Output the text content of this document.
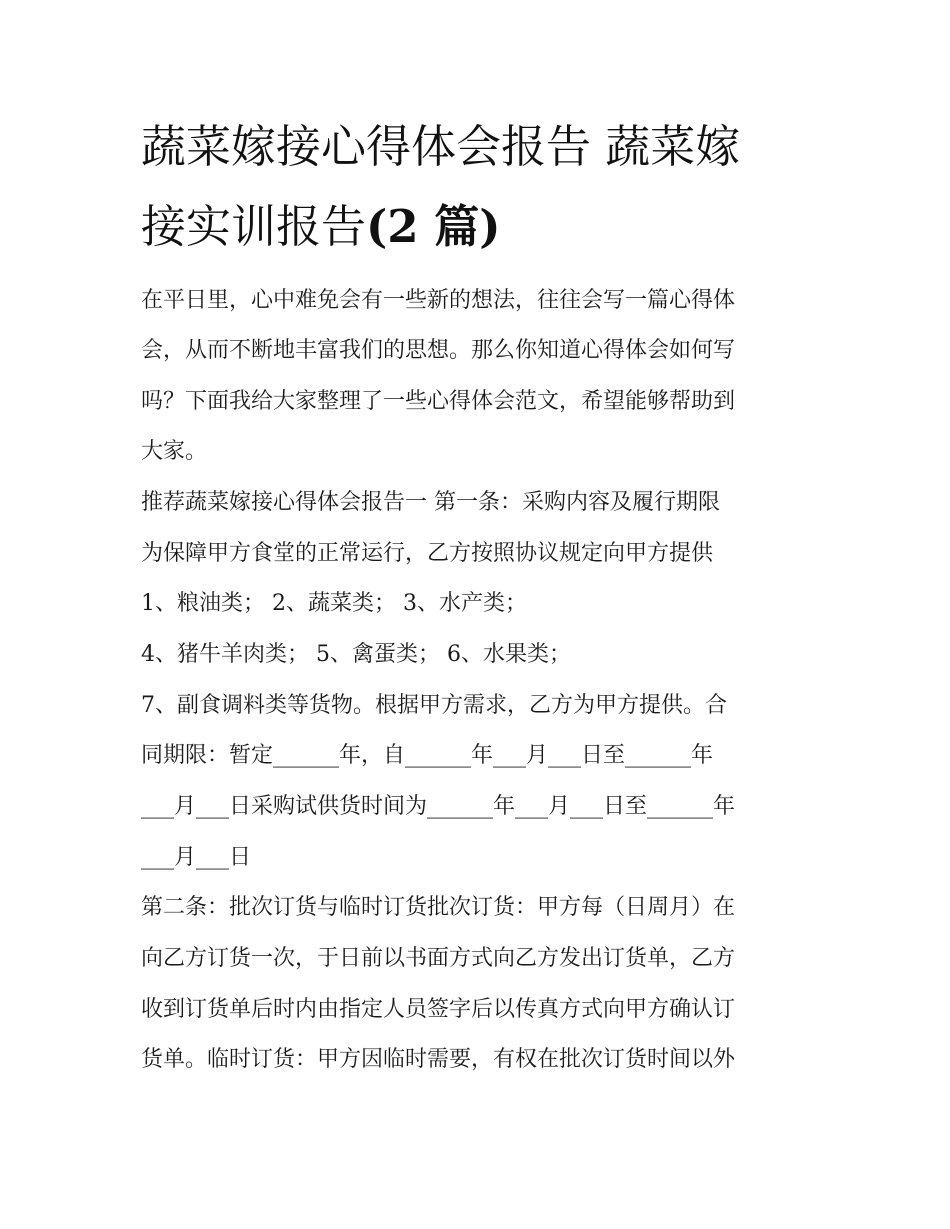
蔬菜嫁接心得体会报告 蔬菜嫁
接实训报告(2 篇)
在平日里，心中难免会有一些新的想法，往往会写一篇心得体
会，从而不断地丰富我们的思想。那么你知道心得体会如何写
吗？下面我给大家整理了一些心得体会范文，希望能够帮助到
大家。
推荐蔬菜嫁接心得体会报告一 第一条：采购内容及履行期限
为保障甲方食堂的正常运行，乙方按照协议规定向甲方提供
1、粮油类； 2、蔬菜类； 3、水产类；
4、猪牛羊肉类； 5、禽蛋类； 6、水果类；
7、副食调料类等货物。根据甲方需求，乙方为甲方提供。合
同期限：暂定______年，自______年___月___日至______年
___月___日采购试供货时间为______年___月___日至______年
___月___日
第二条：批次订货与临时订货批次订货：甲方每（日周月）在
向乙方订货一次，于日前以书面方式向乙方发出订货单，乙方
收到订货单后时内由指定人员签字后以传真方式向甲方确认订
货单。临时订货：甲方因临时需要，有权在批次订货时间以外
